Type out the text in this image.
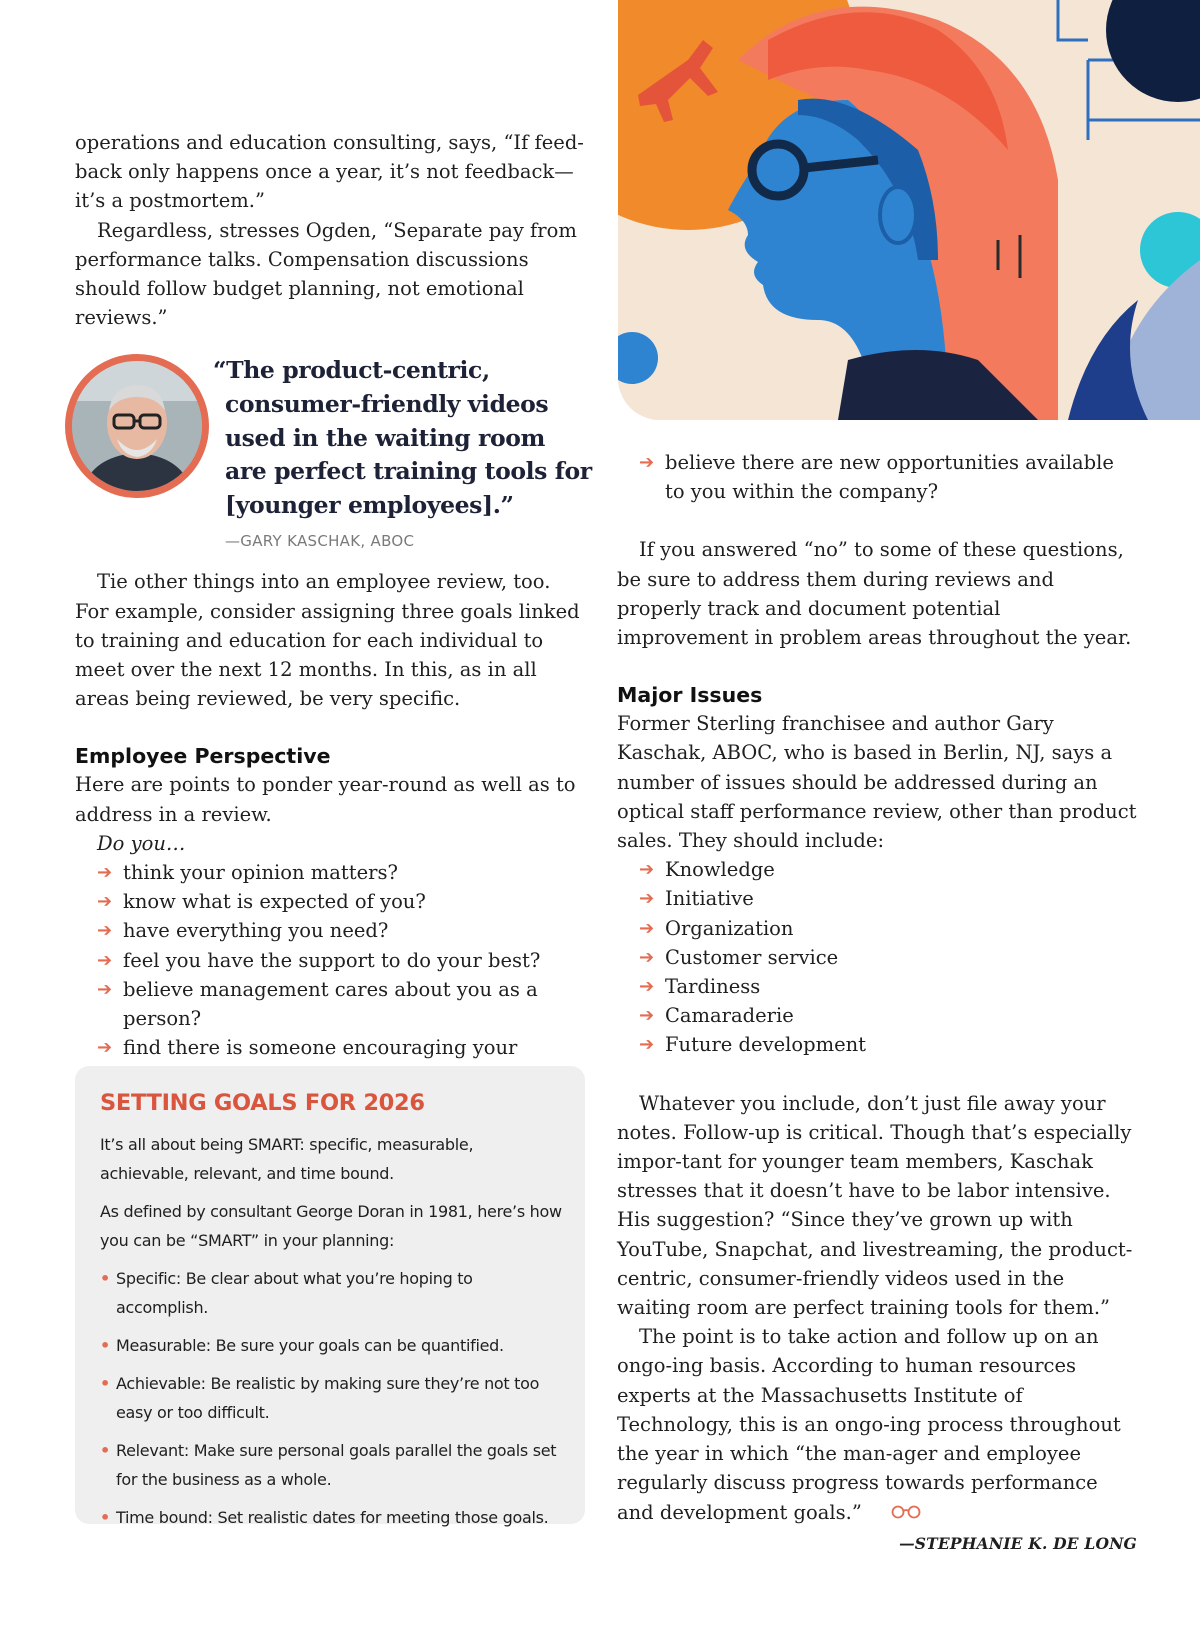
operations and education consulting, says, “If feed-back only happens once a year, it’s not feedback—it’s a postmortem.”

Regardless, stresses Ogden, “Separate pay from performance talks. Compensation discussions should follow budget planning, not emotional reviews.”

“The product-centric,
consumer-friendly videos used in the waiting room are perfect training tools for [younger employees].”
—GARY KASCHAK, ABOC

Tie other things into an employee review, too. For example, consider assigning three goals linked to training and education for each individual to meet over the next 12 months. In this, as in all areas being reviewed, be very specific.

Employee Perspective

Here are points to ponder year-round as well as to address in a review.

Do you…

➔ think your opinion matters?
➔ know what is expected of you?
➔ have everything you need?
➔ feel you have the support to do your best?
➔ believe management cares about you as a person?
➔ find there is someone encouraging your
SETTING GOALS FOR 2026

It’s all about being SMART: specific, measurable, achievable, relevant, and time bound.

As defined by consultant George Doran in 1981, here’s how you can be “SMART” in your planning:

• Specific: Be clear about what you’re hoping to accomplish.
• Measurable: Be sure your goals can be quantified.
• Achievable: Be realistic by making sure they’re not too easy or too difficult.
• Relevant: Make sure personal goals parallel the goals set for the business as a whole.
• Time bound: Set realistic dates for meeting those goals.
➔ believe there are new opportunities available to you within the company?

If you answered “no” to some of these questions, be sure to address them during reviews and properly track and document potential improvement in problem areas throughout the year.

Major Issues

Former Sterling franchisee and author Gary Kaschak, ABOC, who is based in Berlin, NJ, says a number of issues should be addressed during an optical staff performance review, other than product sales. They should include:

➔ Knowledge
➔ Initiative
➔ Organization
➔ Customer service
➔ Tardiness
➔ Camaraderie
➔ Future development

Whatever you include, don’t just file away your notes. Follow-up is critical. Though that’s especially impor-tant for younger team members, Kaschak stresses that it doesn’t have to be labor intensive. His suggestion? “Since they’ve grown up with YouTube, Snapchat, and livestreaming, the product-centric, consumer-friendly videos used in the waiting room are perfect training tools for them.”

The point is to take action and follow up on an ongo-ing basis. According to human resources experts at the Massachusetts Institute of Technology, this is an ongo-ing process throughout the year in which “the man-ager and employee regularly discuss progress towards performance and development goals.”

—STEPHANIE K. DE LONG
